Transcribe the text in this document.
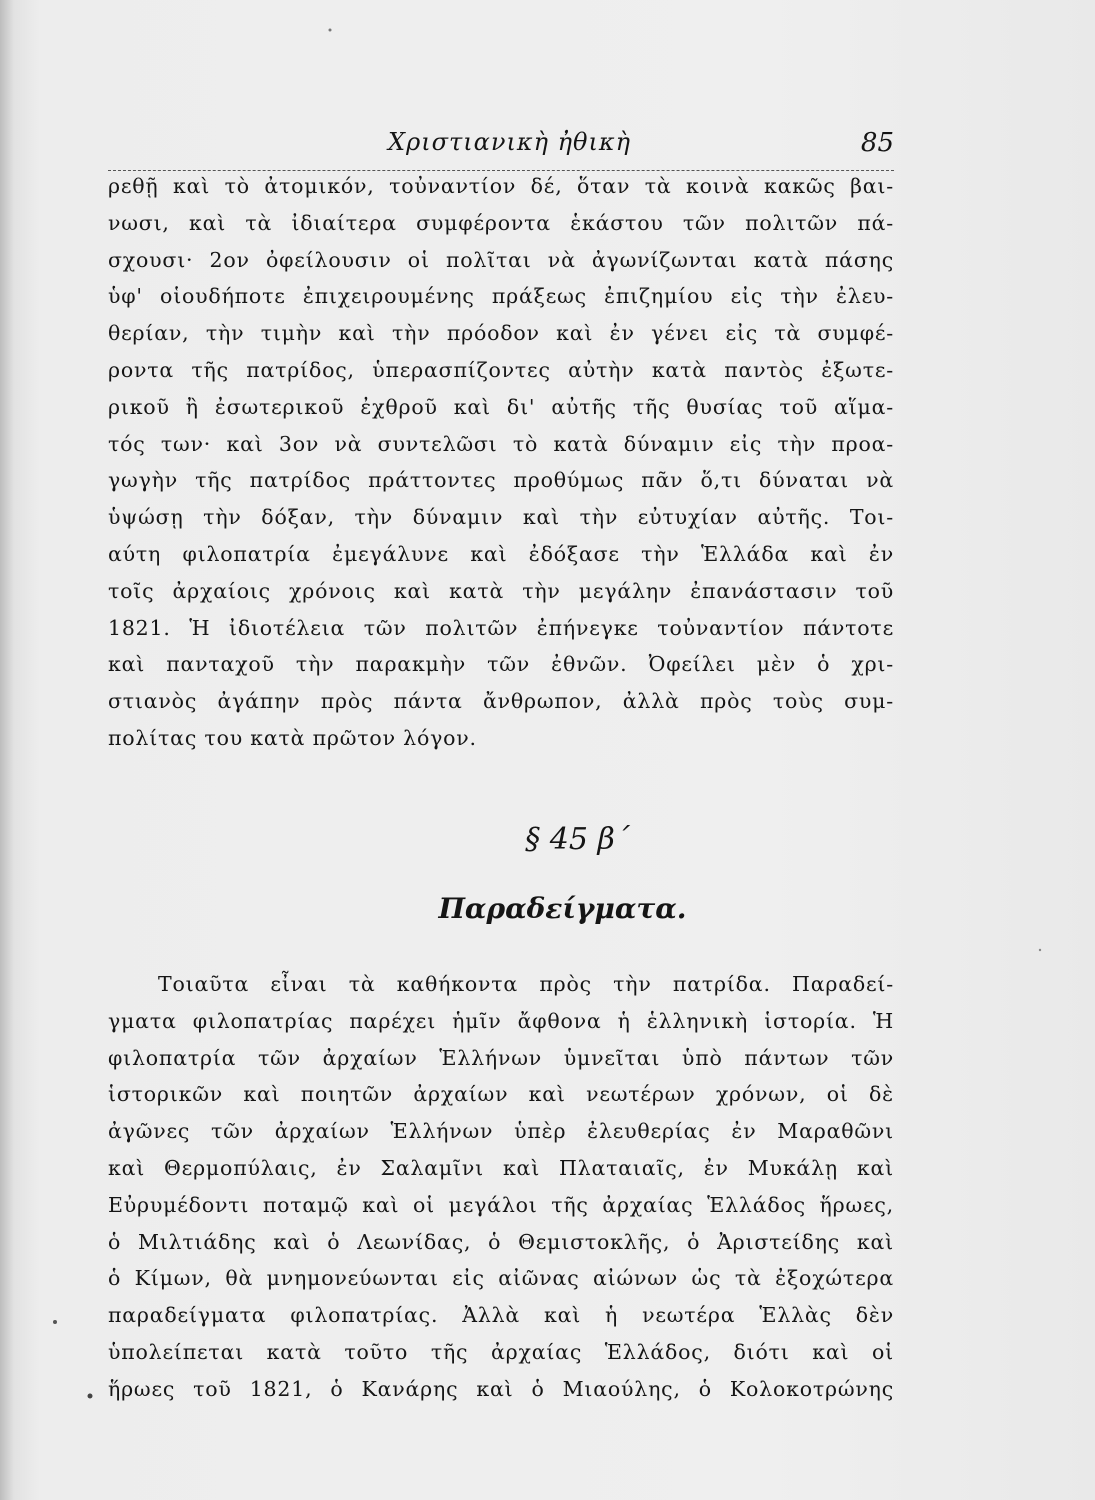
Χριστιανικὴ ἠθικὴ	85
ρεθῇ καὶ τὸ ἀτομικόν, τοὐναντίον δέ, ὅταν τὰ κοινὰ κακῶς βαι-
νωσι, καὶ τὰ ἰδιαίτερα συμφέροντα ἑκάστου τῶν πολιτῶν πά-
σχουσι· 2ον ὀφείλουσιν οἱ πολῖται νὰ ἀγωνίζωνται κατὰ πάσης
ὑφ' οἱουδήποτε ἐπιχειρουμένης πράξεως ἐπιζημίου εἰς τὴν ἐλευ-
θερίαν, τὴν τιμὴν καὶ τὴν πρόοδον καὶ ἐν γένει εἰς τὰ συμφέ-
ροντα τῆς πατρίδος, ὑπερασπίζοντες αὐτὴν κατὰ παντὸς ἐξωτε-
ρικοῦ ἢ ἐσωτερικοῦ ἐχθροῦ καὶ δι' αὐτῆς τῆς θυσίας τοῦ αἵμα-
τός των· καὶ 3ον νὰ συντελῶσι τὸ κατὰ δύναμιν εἰς τὴν προα-
γωγὴν τῆς πατρίδος πράττοντες προθύμως πᾶν ὅ,τι δύναται νὰ
ὑψώσῃ τὴν δόξαν, τὴν δύναμιν καὶ τὴν εὐτυχίαν αὐτῆς. Τοι-
αύτη φιλοπατρία ἐμεγάλυνε καὶ ἐδόξασε τὴν Ἑλλάδα καὶ ἐν
τοῖς ἀρχαίοις χρόνοις καὶ κατὰ τὴν μεγάλην ἐπανάστασιν τοῦ
1821. Ἡ ἰδιοτέλεια τῶν πολιτῶν ἐπήνεγκε τοὐναντίον πάντοτε
καὶ πανταχοῦ τὴν παρακμὴν τῶν ἐθνῶν. Ὀφείλει μὲν ὁ χρι-
στιανὸς ἀγάπην πρὸς πάντα ἄνθρωπον, ἀλλὰ πρὸς τοὺς συμ-
πολίτας του κατὰ πρῶτον λόγον.
§ 45 β´
Παραδείγματα.
Τοιαῦτα εἶναι τὰ καθήκοντα πρὸς τὴν πατρίδα. Παραδεί-
γματα φιλοπατρίας παρέχει ἡμῖν ἄφθονα ἡ ἑλληνικὴ ἱστορία. Ἡ
φιλοπατρία τῶν ἀρχαίων Ἑλλήνων ὑμνεῖται ὑπὸ πάντων τῶν
ἱστορικῶν καὶ ποιητῶν ἀρχαίων καὶ νεωτέρων χρόνων, οἱ δὲ
ἀγῶνες τῶν ἀρχαίων Ἑλλήνων ὑπὲρ ἐλευθερίας ἐν Μαραθῶνι
καὶ Θερμοπύλαις, ἐν Σαλαμῖνι καὶ Πλαταιαῖς, ἐν Μυκάλῃ καὶ
Εὐρυμέδοντι ποταμῷ καὶ οἱ μεγάλοι τῆς ἀρχαίας Ἑλλάδος ἥρωες,
ὁ Μιλτιάδης καὶ ὁ Λεωνίδας, ὁ Θεμιστοκλῆς, ὁ Ἀριστείδης καὶ
ὁ Κίμων, θὰ μνημονεύωνται εἰς αἰῶνας αἰώνων ὡς τὰ ἐξοχώτερα
παραδείγματα φιλοπατρίας. Ἀλλὰ καὶ ἡ νεωτέρα Ἑλλὰς δὲν
ὑπολείπεται κατὰ τοῦτο τῆς ἀρχαίας Ἑλλάδος, διότι καὶ οἱ
ἥρωες τοῦ 1821, ὁ Κανάρης καὶ ὁ Μιαούλης, ὁ Κολοκοτρώνης
